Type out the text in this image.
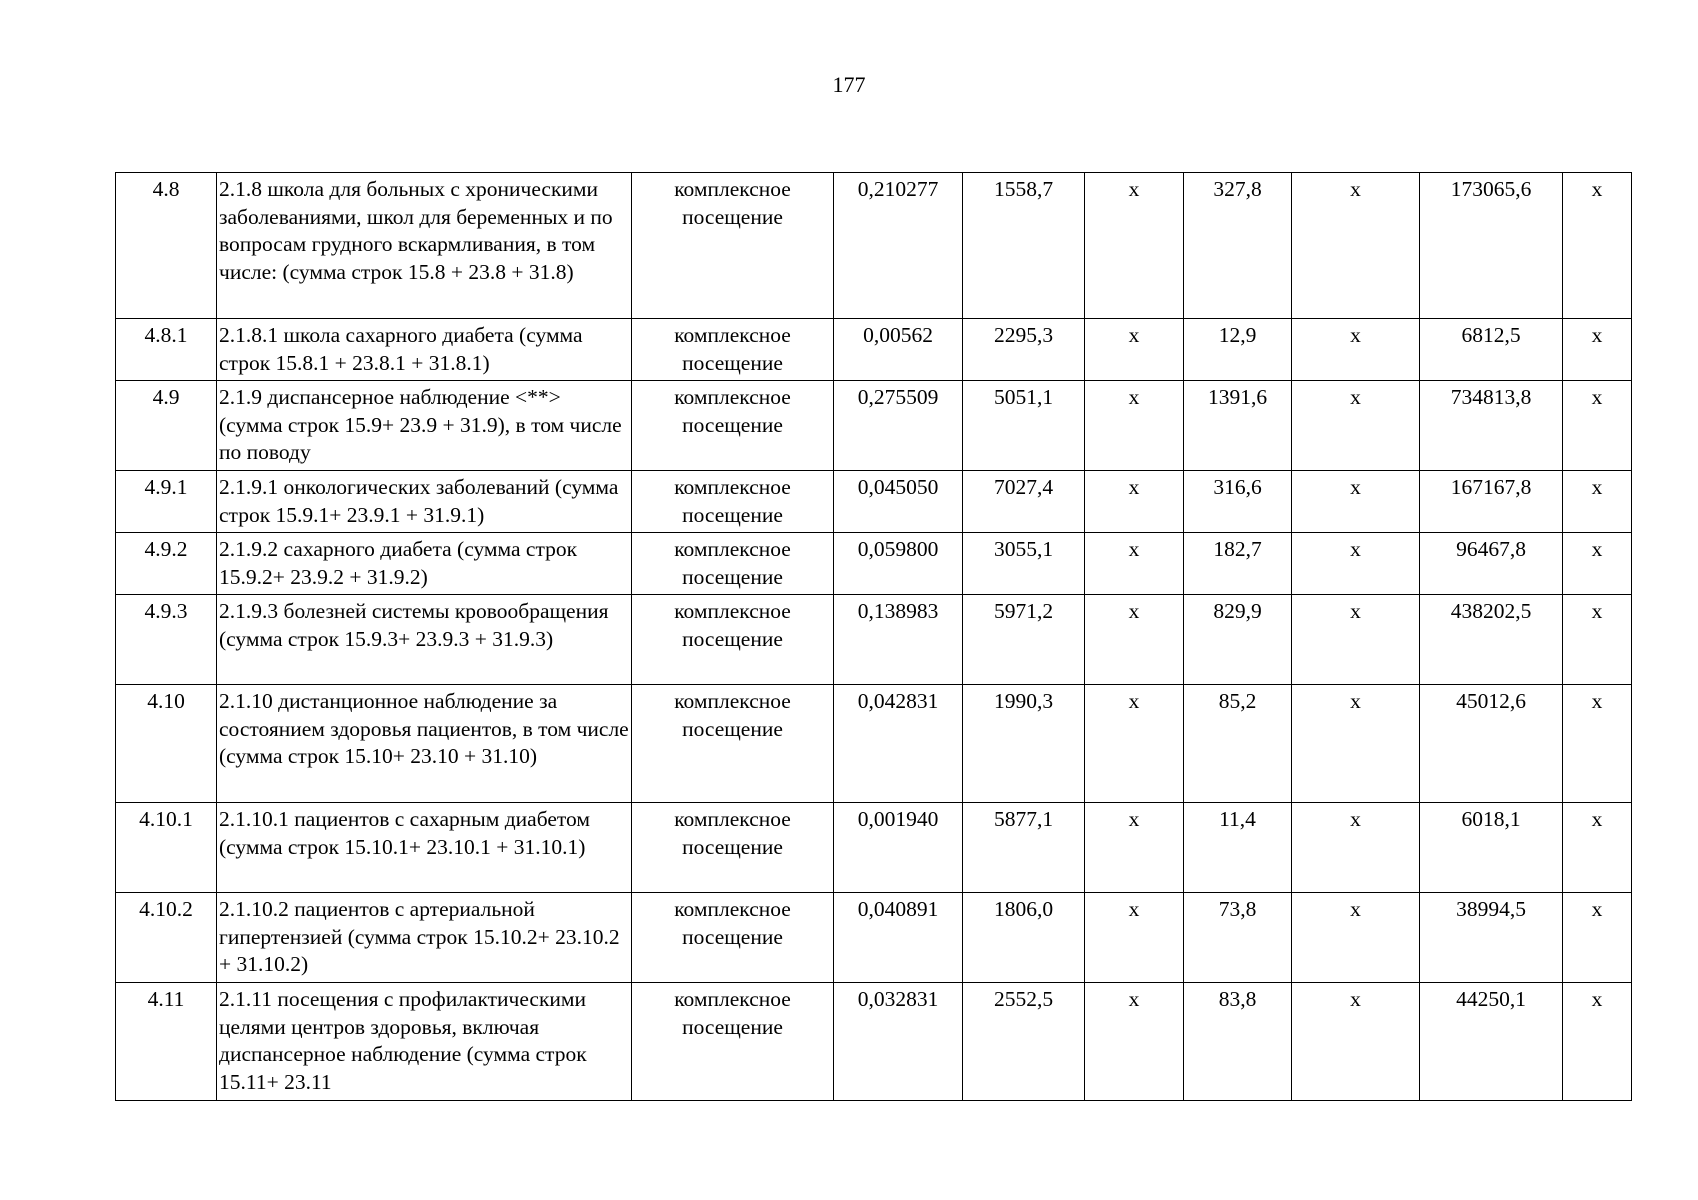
177
4.8	2.1.8 школа для больных с хроническими заболеваниями, школ для беременных и по вопросам грудного вскармливания, в том числе: (сумма строк 15.8 + 23.8 + 31.8)	комплексное посещение	0,210277	1558,7	х	327,8	х	173065,6	х
4.8.1	2.1.8.1 школа сахарного диабета (сумма строк 15.8.1 + 23.8.1 + 31.8.1)	комплексное посещение	0,00562	2295,3	х	12,9	х	6812,5	х
4.9	2.1.9 диспансерное наблюдение <**> (сумма строк 15.9+ 23.9 + 31.9), в том числе по поводу	комплексное посещение	0,275509	5051,1	х	1391,6	х	734813,8	х
4.9.1	2.1.9.1 онкологических заболеваний (сумма строк 15.9.1+ 23.9.1 + 31.9.1)	комплексное посещение	0,045050	7027,4	х	316,6	х	167167,8	х
4.9.2	2.1.9.2 сахарного диабета (сумма строк 15.9.2+ 23.9.2 + 31.9.2)	комплексное посещение	0,059800	3055,1	х	182,7	х	96467,8	х
4.9.3	2.1.9.3 болезней системы кровообращения (сумма строк 15.9.3+ 23.9.3 + 31.9.3)	комплексное посещение	0,138983	5971,2	х	829,9	х	438202,5	х
4.10	2.1.10 дистанционное наблюдение за состоянием здоровья пациентов, в том числе (сумма строк 15.10+ 23.10 + 31.10)	комплексное посещение	0,042831	1990,3	х	85,2	х	45012,6	х
4.10.1	2.1.10.1 пациентов с сахарным диабетом (сумма строк 15.10.1+ 23.10.1 + 31.10.1)	комплексное посещение	0,001940	5877,1	х	11,4	х	6018,1	х
4.10.2	2.1.10.2 пациентов с артериальной гипертензией (сумма строк 15.10.2+ 23.10.2 + 31.10.2)	комплексное посещение	0,040891	1806,0	х	73,8	х	38994,5	х
4.11	2.1.11 посещения с профилактическими целями центров здоровья, включая диспансерное наблюдение (сумма строк 15.11+ 23.11	комплексное посещение	0,032831	2552,5	х	83,8	х	44250,1	х
